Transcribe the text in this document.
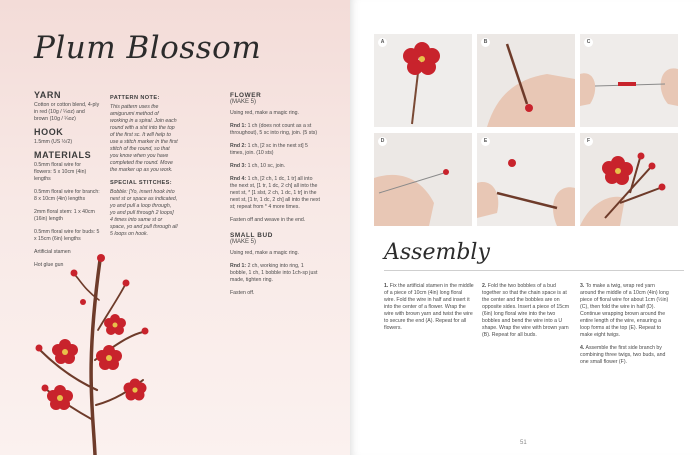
Plum Blossom
YARN
Cotton or cotton blend, 4-ply in red (10g / ¼oz) and brown (10g / ¼oz)
HOOK
1.5mm (US ½/2)
MATERIALS
0.5mm floral wire for flowers: 5 x 10cm (4in) lengths
0.5mm floral wire for branch: 8 x 10cm (4in) lengths
2mm floral stem: 1 x 40cm (16in) length
0.5mm floral wire for buds: 5 x 15cm (6in) lengths
Artificial stamen
Hot glue gun
PATTERN NOTE:
This pattern uses the amigurumi method of working in a spiral. Join each round with a slst into the top of the first sc. It will help to use a stitch marker in the first stitch of the round, so that you know when you have completed the round. Move the marker up as you work.
SPECIAL STITCHES:
Bobble: [Yo, insert hook into next st or space as indicated, yo and pull a loop through, yo and pull through 2 loops] 4 times into same st or space, yo and pull through all 5 loops on hook.
FLOWER
(MAKE 5)
Using red, make a magic ring.
Rnd 1: 1 ch (does not count as a st throughout), 5 sc into ring, join. (5 sts)
Rnd 2: 1 ch, [2 sc in the next st] 5 times, join. (10 sts)
Rnd 3: 1 ch, 10 sc, join.
Rnd 4: 1 ch, [2 ch, 1 dc, 1 tr] all into the next st, [1 tr, 1 dc, 2 ch] all into the next st, * [1 slst, 2 ch, 1 dc, 1 tr] in the next st, [1 tr, 1 dc, 2 ch] all into the next st; repeat from * 4 more times.
Fasten off and weave in the end.
SMALL BUD
(MAKE 5)
Using red, make a magic ring.
Rnd 1: 2 ch, working into ring, 1 bobble, 1 ch, 1 bobble into 1ch-sp just made, tighten ring.
Fasten off.
A	B	C
D	E	F
Assembly
1. Fix the artificial stamen in the middle of a piece of 10cm (4in) long floral wire. Fold the wire in half and insert it into the center of a flower. Wrap the wire with brown yarn and twist the wire to secure the end (A). Repeat for all flowers.
2. Fold the two bobbles of a bud together so that the chain space is at the center and the bobbles are on opposite sides. Insert a piece of 15cm (6in) long floral wire into the two bobbles and bend the wire into a U shape. Wrap the wire with brown yarn (B). Repeat for all buds.
3. To make a twig, wrap red yarn around the middle of a 10cm (4in) long piece of floral wire for about 1cm (½in) (C), then fold the wire in half (D). Continue wrapping brown around the entire length of the wire, ensuring a loop forms at the top (E). Repeat to make eight twigs.
4. Assemble the first side branch by combining three twigs, two buds, and one small flower (F).
51
